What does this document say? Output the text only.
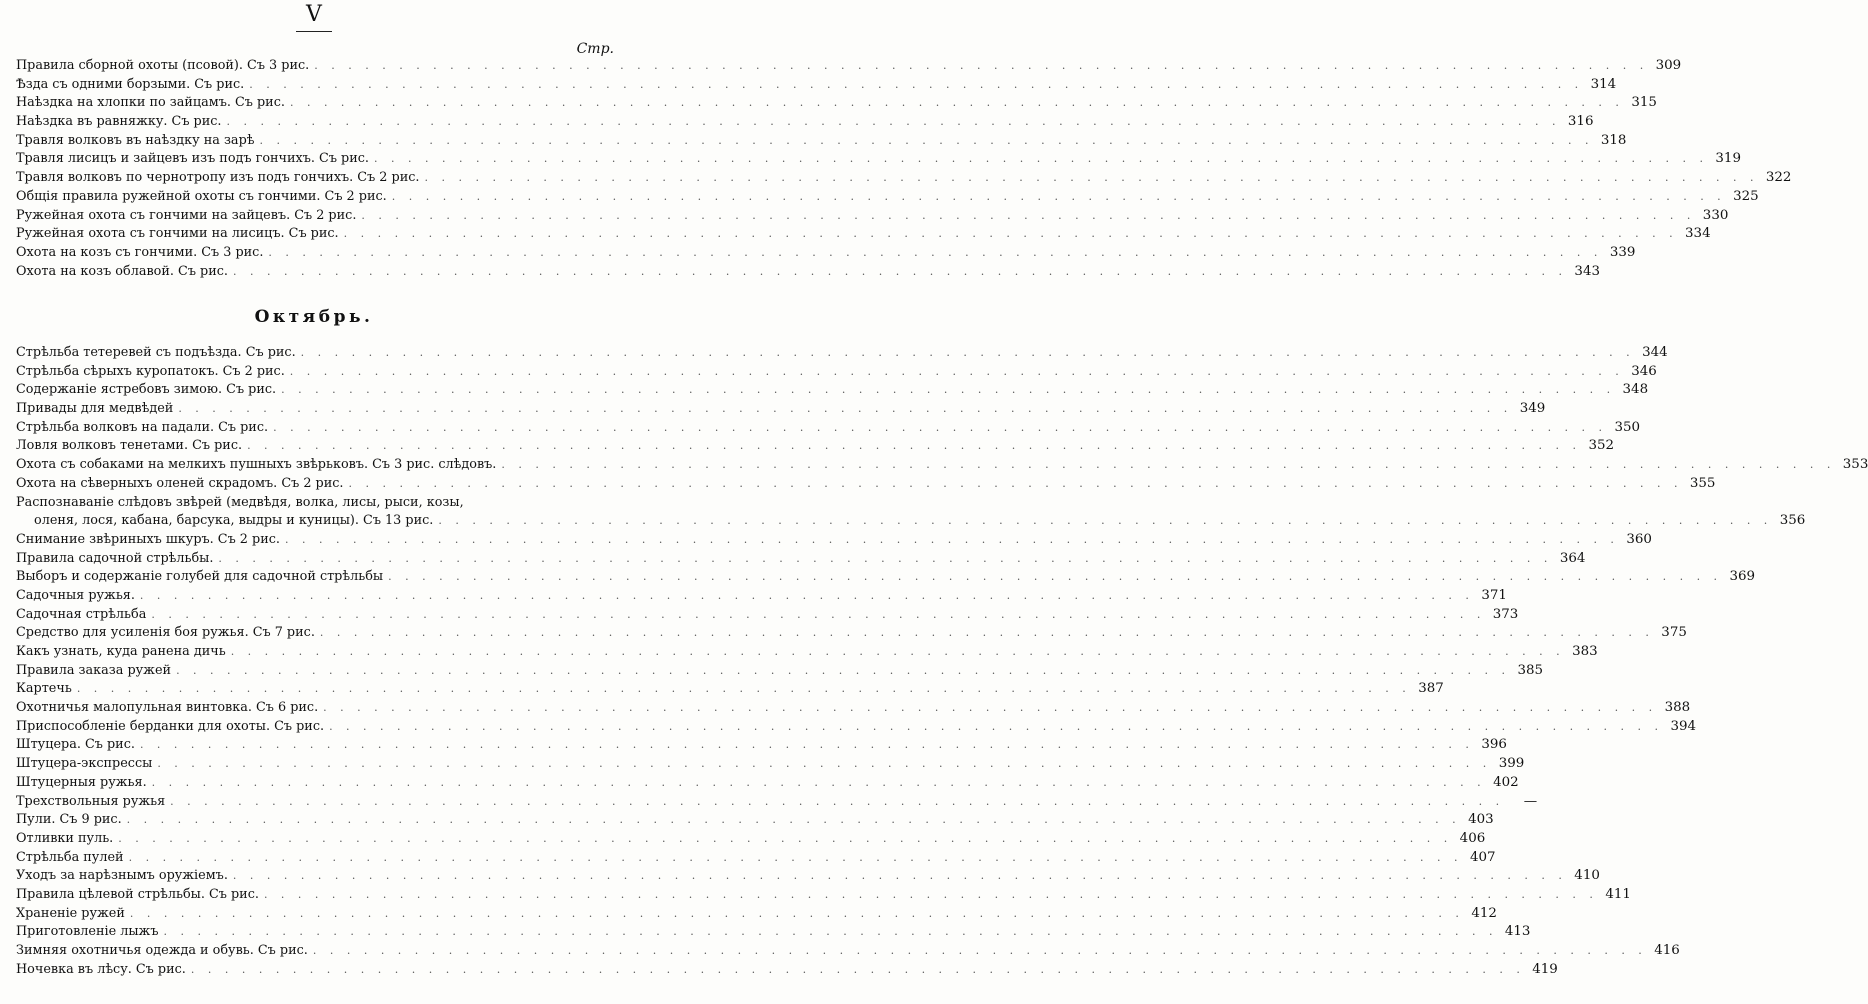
V
Стр.
Правила сборной охоты (псовой). Съ 3 рис. . . .	309
Ѣзда съ одними борзыми. Съ рис. . . .	314
Наѣздка на хлопки по зайцамъ. Съ рис. . . .	315
Наѣздка въ равняжку. Съ рис. . . .	316
Травля волковъ въ наѣздку на зарѣ . . .	318
Травля лисицъ и зайцевъ изъ подъ гончихъ. Съ рис. . . .	319
Травля волковъ по чернотропу изъ подъ гончихъ. Съ 2 рис. . . .	322
Общія правила ружейной охоты съ гончими. Съ 2 рис. . . .	325
Ружейная охота съ гончими на зайцевъ. Съ 2 рис. . . .	330
Ружейная охота съ гончими на лисицъ. Съ рис. . . .	334
Охота на козъ съ гончими. Съ 3 рис. . . .	339
Охота на козъ облавой. Съ рис. . . .	343
Октябрь.
Стрѣльба тетеревей съ подъѣзда. Съ рис. . . .	344
Стрѣльба сѣрыхъ куропатокъ. Съ 2 рис. . . .	346
Содержаніе ястребовъ зимою. Съ рис. . . .	348
Привады для медвѣдей . . .	349
Стрѣльба волковъ на падали. Съ рис. . . .	350
Ловля волковъ тенетами. Съ рис. . . .	352
Охота съ собаками на мелкихъ пушныхъ звѣрьковъ. Съ 3 рис. слѣдовъ. . . .	353
Охота на сѣверныхъ оленей скрадомъ. Съ 2 рис. . . .	355
Распознаваніе слѣдовъ звѣрей (медвѣдя, волка, лисы, рыси, козы,
оленя, лося, кабана, барсука, выдры и куницы). Съ 13 рис. . . .	356
Снимание звѣриныхъ шкуръ. Съ 2 рис. . . .	360
Правила садочной стрѣльбы. . . .	364
Выборъ и содержаніе голубей для садочной стрѣльбы . . .	369
Садочныя ружья. . . .	371
Садочная стрѣльба . . .	373
Средство для усиленія боя ружья. Съ 7 рис. . . .	375
Какъ узнать, куда ранена дичь . . .	383
Правила заказа ружей . . .	385
Картечь . . .	387
Охотничья малопульная винтовка. Съ 6 рис. . . .	388
Приспособленіе берданки для охоты. Съ рис. . . .	394
Штуцера. Съ рис. . . .	396
Штуцера-экспрессы . . .	399
Штуцерныя ружья. . . .	402
Трехствольныя ружья . . .	—
Пули. Съ 9 рис. . . .	403
Отливки пуль. . . .	406
Стрѣльба пулей . . .	407
Уходъ за нарѣзнымъ оружіемъ. . . .	410
Правила цѣлевой стрѣльбы. Съ рис. . . .	411
Храненіе ружей . . .	412
Приготовленіе лыжъ . . .	413
Зимняя охотничья одежда и обувь. Съ рис. . . .	416
Ночевка въ лѣсу. Съ рис. . . .	419
